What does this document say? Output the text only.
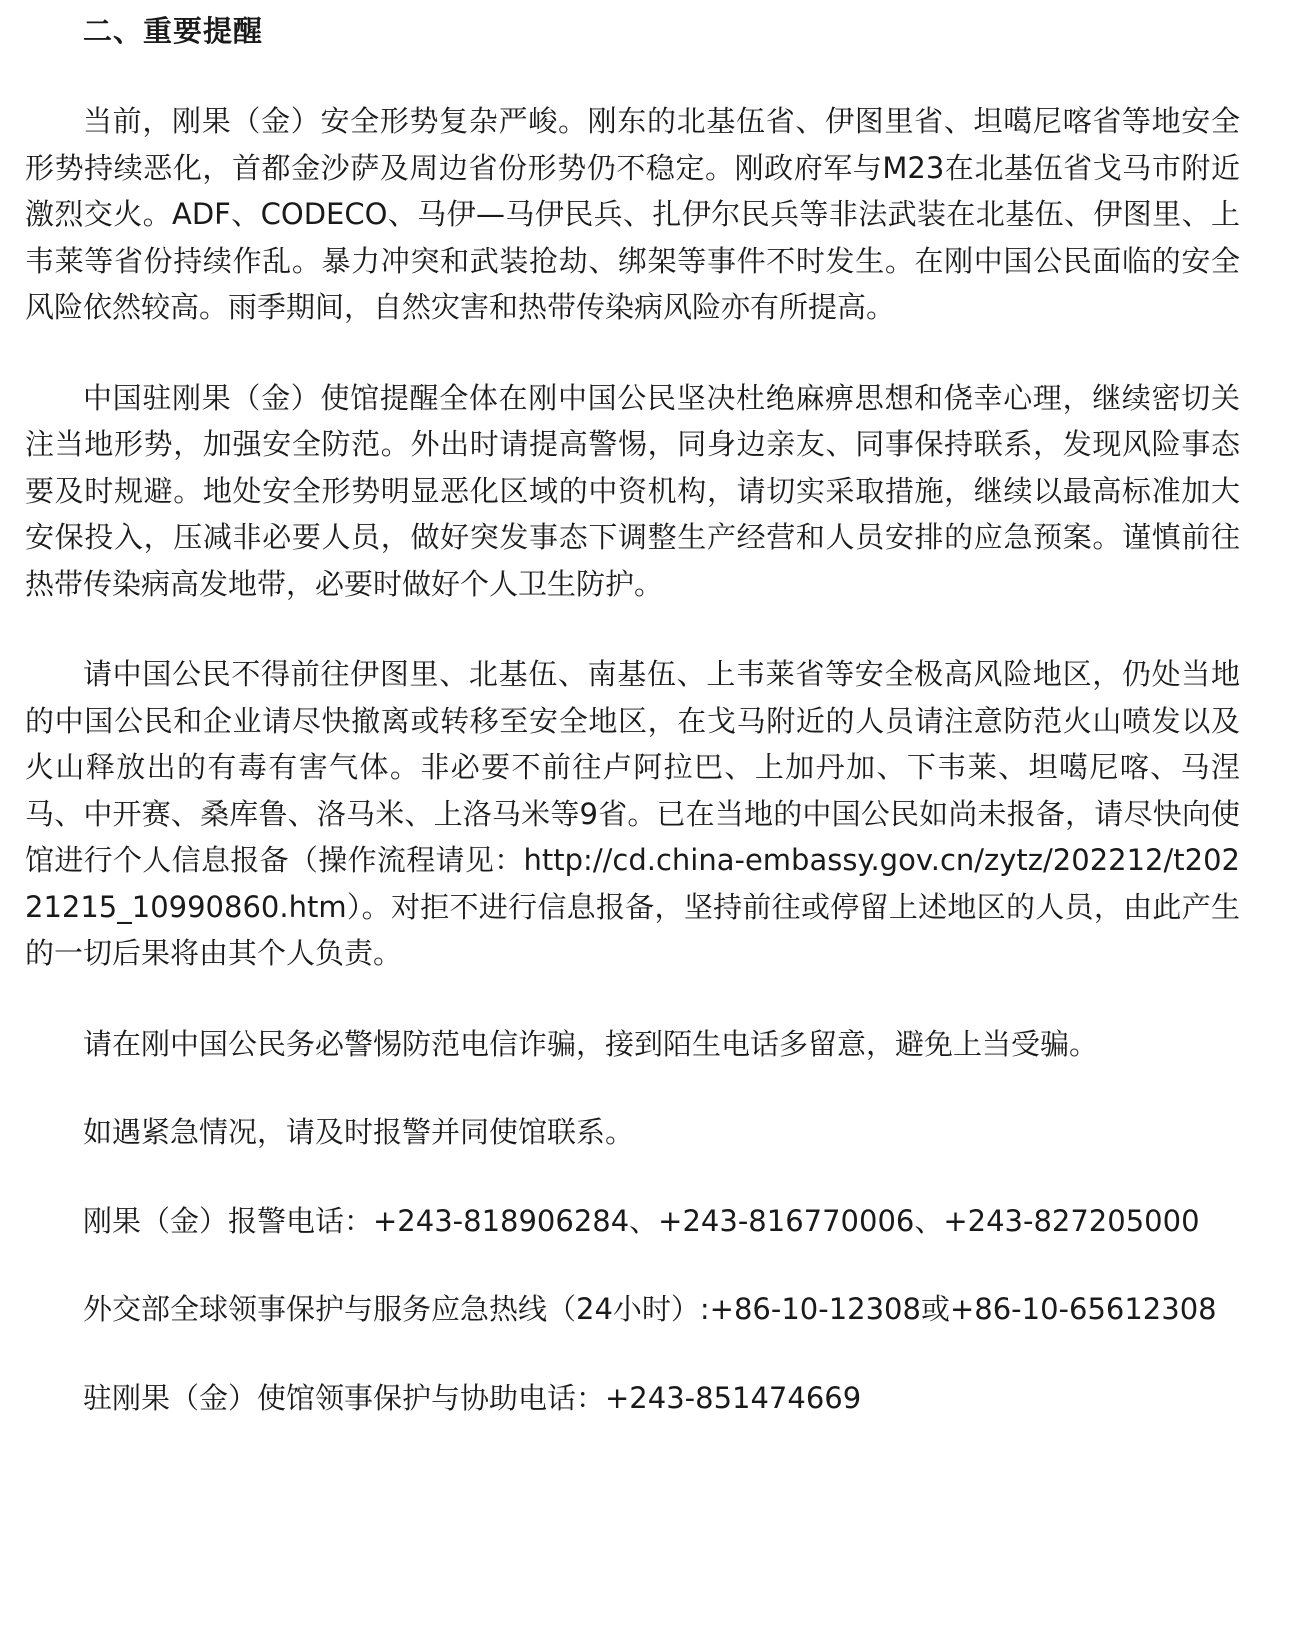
二、重要提醒

当前，刚果（金）安全形势复杂严峻。刚东的北基伍省、伊图里省、坦噶尼喀省等地安全形势持续恶化，首都金沙萨及周边省份形势仍不稳定。刚政府军与M23在北基伍省戈马市附近激烈交火。ADF、CODECO、马伊—马伊民兵、扎伊尔民兵等非法武装在北基伍、伊图里、上韦莱等省份持续作乱。暴力冲突和武装抢劫、绑架等事件不时发生。在刚中国公民面临的安全风险依然较高。雨季期间，自然灾害和热带传染病风险亦有所提高。

中国驻刚果（金）使馆提醒全体在刚中国公民坚决杜绝麻痹思想和侥幸心理，继续密切关注当地形势，加强安全防范。外出时请提高警惕，同身边亲友、同事保持联系，发现风险事态要及时规避。地处安全形势明显恶化区域的中资机构，请切实采取措施，继续以最高标准加大安保投入，压减非必要人员，做好突发事态下调整生产经营和人员安排的应急预案。谨慎前往热带传染病高发地带，必要时做好个人卫生防护。

请中国公民不得前往伊图里、北基伍、南基伍、上韦莱省等安全极高风险地区，仍处当地的中国公民和企业请尽快撤离或转移至安全地区，在戈马附近的人员请注意防范火山喷发以及火山释放出的有毒有害气体。非必要不前往卢阿拉巴、上加丹加、下韦莱、坦噶尼喀、马涅马、中开赛、桑库鲁、洛马米、上洛马米等9省。已在当地的中国公民如尚未报备，请尽快向使馆进行个人信息报备（操作流程请见：http://cd.china-embassy.gov.cn/zytz/202212/t20221215_10990860.htm）。对拒不进行信息报备，坚持前往或停留上述地区的人员，由此产生的一切后果将由其个人负责。

请在刚中国公民务必警惕防范电信诈骗，接到陌生电话多留意，避免上当受骗。

如遇紧急情况，请及时报警并同使馆联系。

刚果（金）报警电话：+243-818906284、+243-816770006、+243-827205000

外交部全球领事保护与服务应急热线（24小时）:+86-10-12308或+86-10-65612308

驻刚果（金）使馆领事保护与协助电话：+243-851474669
